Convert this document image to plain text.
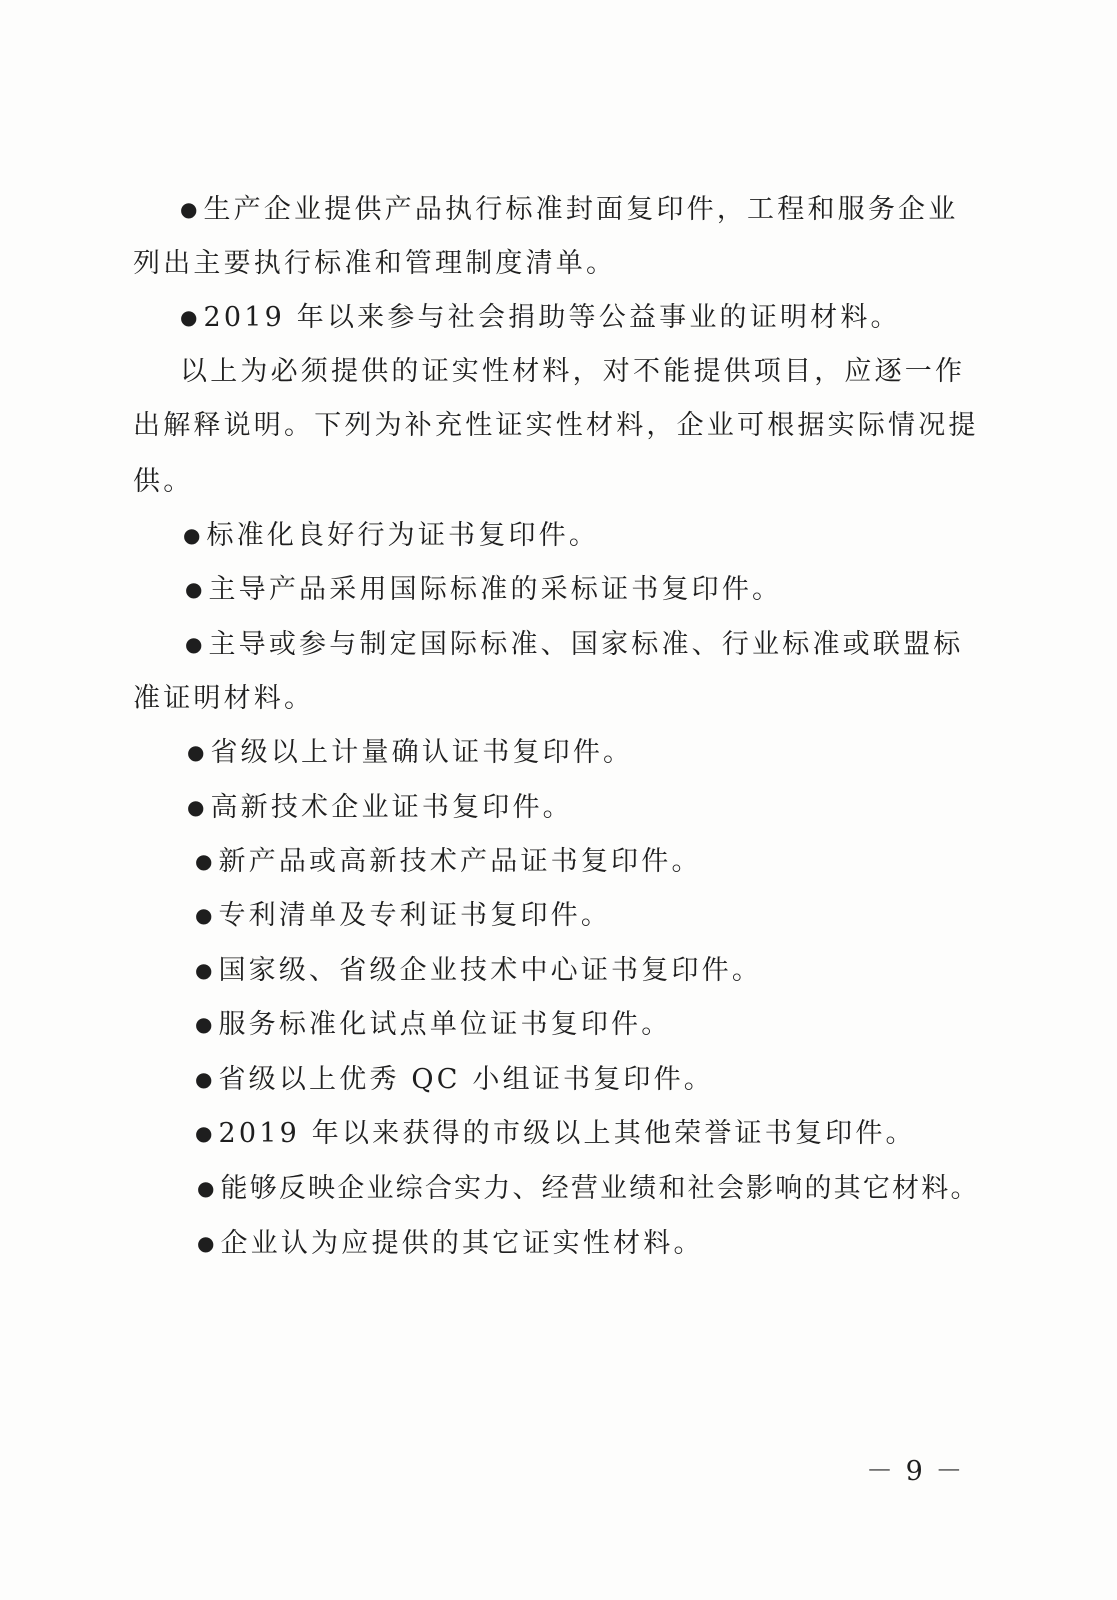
● 生产企业提供产品执行标准封面复印件，工程和服务企业
列出主要执行标准和管理制度清单。
● 2019 年以来参与社会捐助等公益事业的证明材料。
以上为必须提供的证实性材料，对不能提供项目，应逐一作
出解释说明。下列为补充性证实性材料，企业可根据实际情况提
供。
● 标准化良好行为证书复印件。
● 主导产品采用国际标准的采标证书复印件。
● 主导或参与制定国际标准、国家标准、行业标准或联盟标
准证明材料。
● 省级以上计量确认证书复印件。
● 高新技术企业证书复印件。
● 新产品或高新技术产品证书复印件。
● 专利清单及专利证书复印件。
● 国家级、省级企业技术中心证书复印件。
● 服务标准化试点单位证书复印件。
● 省级以上优秀 QC 小组证书复印件。
● 2019 年以来获得的市级以上其他荣誉证书复印件。
● 能够反映企业综合实力、经营业绩和社会影响的其它材料。
● 企业认为应提供的其它证实性材料。
－ 9 －
